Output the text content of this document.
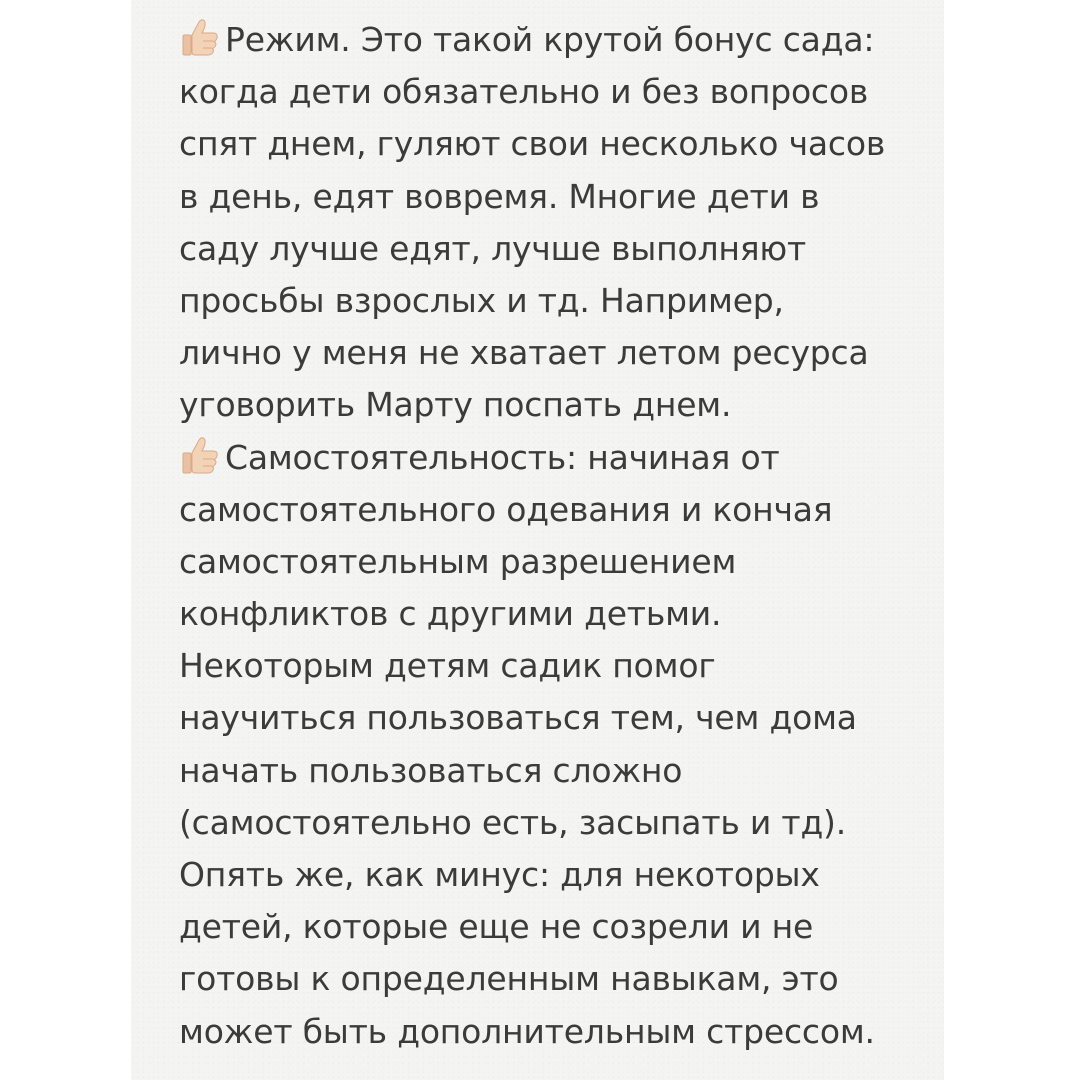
Режим. Это такой крутой бонус сада:
когда дети обязательно и без вопросов
спят днем, гуляют свои несколько часов
в день, едят вовремя. Многие дети в
саду лучше едят, лучше выполняют
просьбы взрослых и тд. Например,
лично у меня не хватает летом ресурса
уговорить Марту поспать днем.
Самостоятельность: начиная от
самостоятельного одевания и кончая
самостоятельным разрешением
конфликтов с другими детьми.
Некоторым детям садик помог
научиться пользоваться тем, чем дома
начать пользоваться сложно
(самостоятельно есть, засыпать и тд).
Опять же, как минус: для некоторых
детей, которые еще не созрели и не
готовы к определенным навыкам, это
может быть дополнительным стрессом.
